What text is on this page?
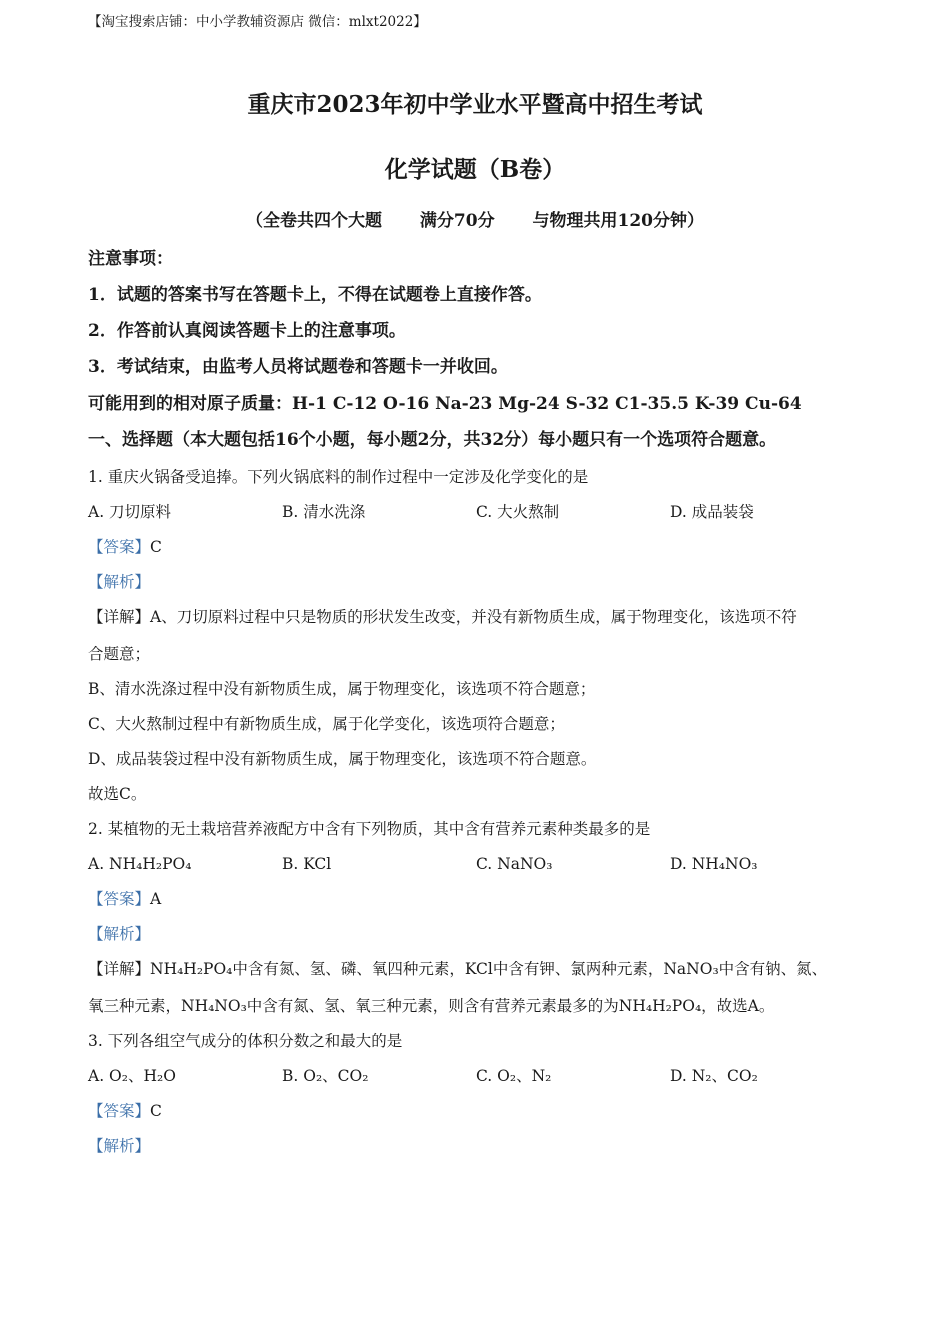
【淘宝搜索店铺：中小学教辅资源店 微信：mlxt2022】
重庆市2023年初中学业水平暨高中招生考试
化学试题（B卷）
（全卷共四个大题 满分70分 与物理共用120分钟）
注意事项：
1．试题的答案书写在答题卡上，不得在试题卷上直接作答。
2．作答前认真阅读答题卡上的注意事项。
3．考试结束，由监考人员将试题卷和答题卡一并收回。
可能用到的相对原子质量：H-1 C-12 O-16 Na-23 Mg-24 S-32 C1-35.5 K-39 Cu-64
一、选择题（本大题包括16个小题，每小题2分，共32分）每小题只有一个选项符合题意。
1. 重庆火锅备受追捧。下列火锅底料的制作过程中一定涉及化学变化的是
A. 刀切原料	B. 清水洗涤	C. 大火熬制	D. 成品装袋
【答案】C
【解析】
【详解】A、刀切原料过程中只是物质的形状发生改变，并没有新物质生成，属于物理变化，该选项不符
合题意；
B、清水洗涤过程中没有新物质生成，属于物理变化，该选项不符合题意；
C、大火熬制过程中有新物质生成，属于化学变化，该选项符合题意；
D、成品装袋过程中没有新物质生成，属于物理变化，该选项不符合题意。
故选C。
2. 某植物的无土栽培营养液配方中含有下列物质，其中含有营养元素种类最多的是
A. NH₄H₂PO₄	B. KCl	C. NaNO₃	D. NH₄NO₃
【答案】A
【解析】
【详解】NH₄H₂PO₄中含有氮、氢、磷、氧四种元素，KCl中含有钾、氯两种元素，NaNO₃中含有钠、氮、
氧三种元素，NH₄NO₃中含有氮、氢、氧三种元素，则含有营养元素最多的为NH₄H₂PO₄，故选A。
3. 下列各组空气成分的体积分数之和最大的是
A. O₂、H₂O	B. O₂、CO₂	C. O₂、N₂	D. N₂、CO₂
【答案】C
【解析】
